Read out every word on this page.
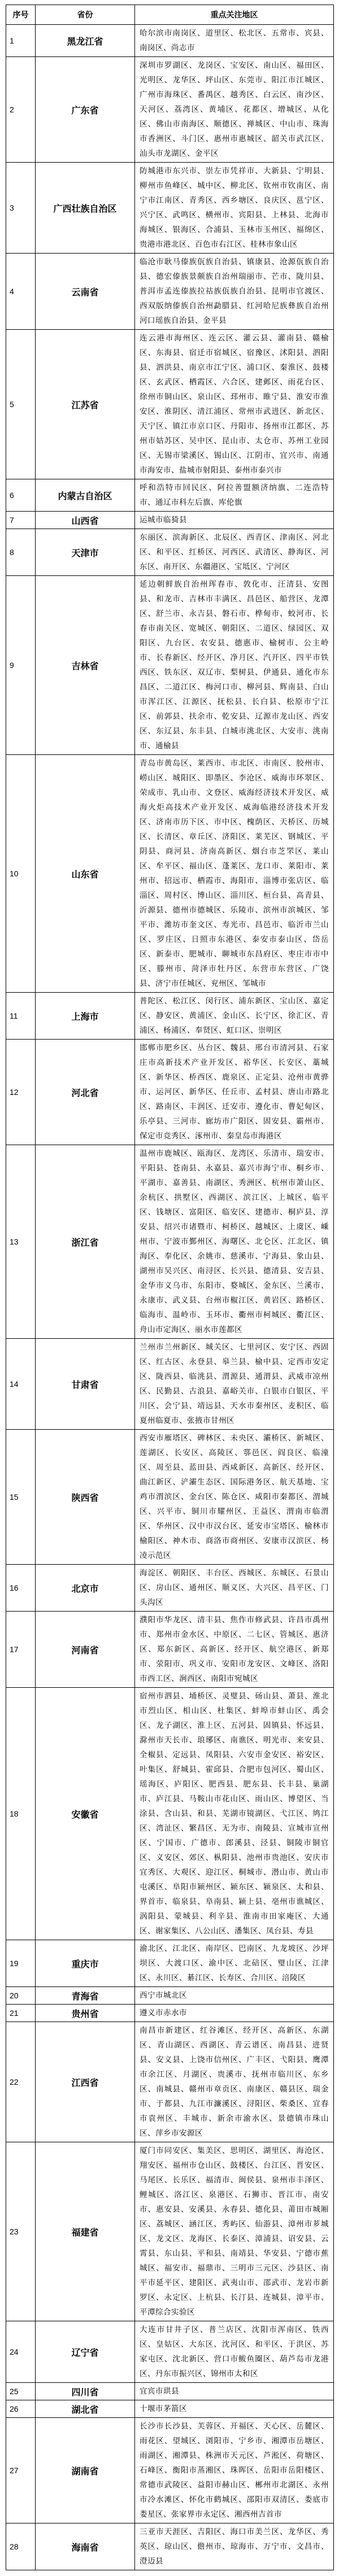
序号	省份	重点关注地区
1	黑龙江省	哈尔滨市南岗区、道里区、松北区、五常市、宾县、南岗区、尚志市
2	广东省	深圳市罗湖区、龙岗区、宝安区、南山区、福田区、光明区、龙华区、坪山区、东莞市、阳江市江城区、广州市海珠区、番禺区、越秀区、白云区、南沙区、天河区、荔湾区、黄埔区、花都区、增城区、从化区、佛山市南海区、顺德区、禅城区、中山市、珠海市香洲区、斗门区、惠州市惠城区、韶关市武江区、汕头市龙湖区、金平区
3	广西壮族自治区	防城港市东兴市、崇左市凭祥市、大新县、宁明县、柳州市鱼峰区、城中区、柳北区、钦州市钦南区、南宁市江南区、青秀区、西乡塘区、良庆区、邕宁区、兴宁区、武鸣区、横州市、宾阳县、上林县、北海市海城区、银海区、合浦县、玉林市玉州区、福绵区、贵港市港北区、百色市右江区、桂林市象山区
4	云南省	临沧市耿马傣族佤族自治县、镇康县、沧源佤族自治县、德宏傣族景颇族自治州瑞丽市、芒市、陇川县、普洱市孟连傣族拉祜族佤族自治县、昆明市官渡区、西双版纳傣族自治州勐腊县、红河哈尼族彝族自治州河口瑶族自治县、金平县
5	江苏省	连云港市海州区、连云区、灌云县、灌南县、赣榆区、东海县、宿迁市宿城区、宿豫区、沭阳县、泗阳县、泗洪县、南京市江宁区、浦口区、秦淮区、鼓楼区、玄武区、栖霞区、六合区、建邺区、雨花台区、徐州市铜山区、泉山区、邳州市、睢宁县、淮安市淮安区、淮阴区、清江浦区、常州市武进区、新北区、天宁区、镇江市京口区、丹阳市、扬州市江都区、苏州市姑苏区、吴中区、昆山市、太仓市、苏州工业园区、无锡市梁溪区、锡山区、江阴市、宜兴市、南通市海安市、盐城市射阳县、泰州市泰兴市
6	内蒙古自治区	呼和浩特市回民区、阿拉善盟额济纳旗、二连浩特市、通辽市科左后旗、库伦旗
7	山西省	运城市临猗县
8	天津市	东丽区、滨海新区、北辰区、西青区、津南区、河北区、和平区、红桥区、河西区、武清区、静海区、河东区、南开区、东疆港区、宝坻区、宁河区
9	吉林省	延边朝鲜族自治州珲春市、敦化市、汪清县、安图县、和龙市、吉林市丰满区、昌邑区、船营区、龙潭区、舒兰市、永吉县、磐石市、桦甸市、蛟河市、长春市南关区、宽城区、朝阳区、二道区、绿园区、双阳区、九台区、农安县、德惠市、榆树市、公主岭市、长春新区、经开区、净月区、汽开区、四平市铁西区、铁东区、双辽市、梨树县、伊通县、通化市东昌区、二道江区、梅河口市、柳河县、辉南县、白山市浑江区、江源区、抚松县、长白县、松原市宁江区、前郭县、扶余市、乾安县、辽源市龙山区、西安区、东辽县、东丰县、白城市洮北区、大安市、洮南市、通榆县
10	山东省	青岛市黄岛区、莱西市、市北区、市南区、胶州市、崂山区、城阳区、即墨区、李沧区、威海市环翠区、荣成市、乳山市、文登区、威海经济技术开发区、威海火炬高技术产业开发区、威海临港经济技术开发区、济南市历下区、市中区、槐荫区、天桥区、历城区、长清区、章丘区、济阳区、莱芜区、钢城区、平阴县、商河县、济南高新区、烟台市芝罘区、莱山区、牟平区、福山区、蓬莱区、龙口市、莱阳市、莱州市、招远市、栖霞市、海阳市、淄博市张店区、临淄区、周村区、博山区、淄川区、桓台县、高青县、沂源县、德州市德城区、乐陵市、滨州市滨城区、邹平市、潍坊市奎文区、寿光市、昌邑市、临沂市兰山区、罗庄区、日照市东港区、泰安市泰山区、岱岳区、新泰市、肥城市、聊城市东昌府区、枣庄市市中区、滕州市、菏泽市牡丹区、东营市东营区、广饶县、济宁市任城区、兖州区、邹城市
11	上海市	普陀区、松江区、闵行区、浦东新区、宝山区、嘉定区、静安区、黄浦区、金山区、长宁区、徐汇区、青浦区、杨浦区、奉贤区、虹口区、崇明区
12	河北省	邯郸市肥乡区、丛台区、魏县、邢台市清河县、石家庄市高新技术产业开发区、裕华区、长安区、藁城区、新华区、桥西区、鹿泉区、正定县、沧州市黄骅市、运河区、新华区、任丘市、孟村县、唐山市路北区、路南区、丰润区、迁安市、遵化市、曹妃甸区、乐亭县、三河市、廊坊市广阳区、固安县、霸州市、保定市竞秀区、涿州市、秦皇岛市海港区
13	浙江省	温州市鹿城区、瓯海区、龙湾区、乐清市、瑞安市、平阳县、苍南县、永嘉县、嘉兴市海宁市、桐乡市、平湖市、嘉善县、南湖区、秀洲区、杭州市萧山区、余杭区、拱墅区、西湖区、滨江区、上城区、临平区、钱塘区、富阳区、临安区、建德市、桐庐县、淳安县、绍兴市诸暨市、柯桥区、越城区、上虞区、嵊州市、宁波市鄞州区、海曙区、北仑区、江北区、镇海区、奉化区、余姚市、慈溪市、宁海县、象山县、湖州市吴兴区、南浔区、长兴县、德清县、安吉县、金华市义乌市、东阳市、婺城区、金东区、兰溪市、永康市、武义县、台州市椒江区、黄岩区、路桥区、临海市、温岭市、玉环市、衢州市柯城区、衢江区、舟山市定海区、丽水市莲都区
14	甘肃省	兰州市兰州新区、城关区、七里河区、安宁区、西固区、红古区、永登县、皋兰县、榆中县、定西市安定区、陇西县、临洮县、渭源县、通渭县、武威市凉州区、民勤县、古浪县、嘉峪关市、白银市白银区、平川区、会宁县、靖远县、天水市秦州区、麦积区、临夏州临夏市、张掖市甘州区
15	陕西省	西安市雁塔区、碑林区、未央区、灞桥区、新城区、莲湖区、长安区、高陵区、鄠邑区、阎良区、临潼区、周至县、蓝田县、西咸新区、高新区、经开区、曲江新区、浐灞生态区、国际港务区、航天基地、宝鸡市渭滨区、金台区、陈仓区、咸阳市秦都区、渭城区、兴平市、铜川市耀州区、王益区、渭南市临渭区、华州区、汉中市汉台区、延安市宝塔区、榆林市榆阳区、神木市、商洛市商州区、安康市汉滨区、杨凌示范区
16	北京市	海淀区、朝阳区、丰台区、西城区、东城区、石景山区、房山区、通州区、顺义区、大兴区、昌平区、门头沟区
17	河南省	濮阳市华龙区、清丰县、焦作市修武县、许昌市禹州市、郑州市金水区、中原区、二七区、管城区、惠济区、郑东新区、高新区、经开区、航空港区、新郑市、荥阳市、巩义市、安阳市龙安区、文峰区、洛阳市西工区、涧西区、南阳市宛城区
18	安徽省	宿州市泗县、埇桥区、灵璧县、砀山县、萧县、淮北市烈山区、相山区、杜集区、蚌埠市蚌山区、禹会区、龙子湖区、淮上区、五河县、固镇县、怀远县、滁州市天长市、琅琊区、南谯区、明光市、来安县、全椒县、定远县、凤阳县、六安市金安区、裕安区、叶集区、舒城县、霍邱县、合肥市包河区、蜀山区、瑶海区、庐阳区、肥西县、肥东县、长丰县、巢湖市、庐江县、马鞍山市花山区、雨山区、博望区、当涂县、含山县、和县、芜湖市镜湖区、弋江区、鸠江区、湾沚区、繁昌区、无为市、南陵县、宣城市宣州区、宁国市、广德市、郎溪县、泾县、铜陵市铜官区、义安区、郊区、枞阳县、池州市贵池区、安庆市宜秀区、大观区、迎江区、桐城市、潜山市、黄山市屯溪区、阜阳市颍州区、颍东区、颍泉区、太和县、界首市、临泉县、阜南县、颍上县、亳州市谯城区、涡阳县、蒙城县、利辛县、淮南市田家庵区、大通区、谢家集区、八公山区、潘集区、凤台县、寿县
19	重庆市	渝北区、江北区、南岸区、巴南区、九龙坡区、沙坪坝区、大渡口区、渝中区、北碚区、璧山区、江津区、永川区、綦江区、长寿区、合川区、涪陵区
20	青海省	西宁市城北区
21	贵州省	遵义市赤水市
22	江西省	南昌市新建区、红谷滩区、经开区、高新区、东湖区、青山湖区、西湖区、青云谱区、南昌县、进贤县、安义县、上饶市信州区、广丰区、弋阳县、鹰潭市余江区、月湖区、贵溪市、抚州市临川区、东乡区、南城县、赣州市章贡区、南康区、赣县区、瑞金市、于都县、九江市濂溪区、浔阳区、柴桑区、宜春市袁州区、丰城市、新余市渝水区、景德镇市珠山区、萍乡市安源区
23	福建省	厦门市同安区、集美区、思明区、湖里区、海沧区、翔安区、福州市仓山区、鼓楼区、台江区、晋安区、马尾区、长乐区、福清市、闽侯县、泉州市丰泽区、鲤城区、洛江区、泉港区、石狮市、晋江市、南安市、惠安县、安溪县、永春县、德化县、莆田市城厢区、荔城区、涵江区、秀屿区、仙游县、漳州市芗城区、龙文区、龙海区、长泰区、漳浦县、诏安县、云霄县、东山县、平和县、南靖县、华安县、宁德市蕉城区、福安市、福鼎市、三明市三元区、沙县区、南平市延平区、建阳区、武夷山市、邵武市、龙岩市新罗区、永定区、上杭县、长汀县、连城县、漳平市、平潭综合实验区
24	辽宁省	大连市甘井子区、普兰店区、沈阳市浑南区、铁西区、皇姑区、大东区、沈河区、和平区、于洪区、苏家屯区、沈北新区、营口市鲅鱼圈区、葫芦岛市龙港区、丹东市振兴区、锦州市太和区
25	四川省	宜宾市珙县
26	湖北省	十堰市茅箭区
27	湖南省	长沙市长沙县、芙蓉区、开福区、天心区、岳麓区、雨花区、望城区、浏阳市、宁乡市、湘潭市岳塘区、雨湖区、湘潭县、株洲市天元区、芦淞区、荷塘区、石峰区、衡阳市蒸湘区、珠晖区、岳阳市岳阳楼区、常德市武陵区、益阳市赫山区、郴州市北湖区、永州市冷水滩区、怀化市鹤城区、邵阳市双清区、娄底市娄星区、张家界市永定区、湘西州吉首市
28	海南省	三亚市天涯区、吉阳区、海口市美兰区、龙华区、秀英区、琼山区、儋州市、琼海市、万宁市、文昌市、澄迈县
